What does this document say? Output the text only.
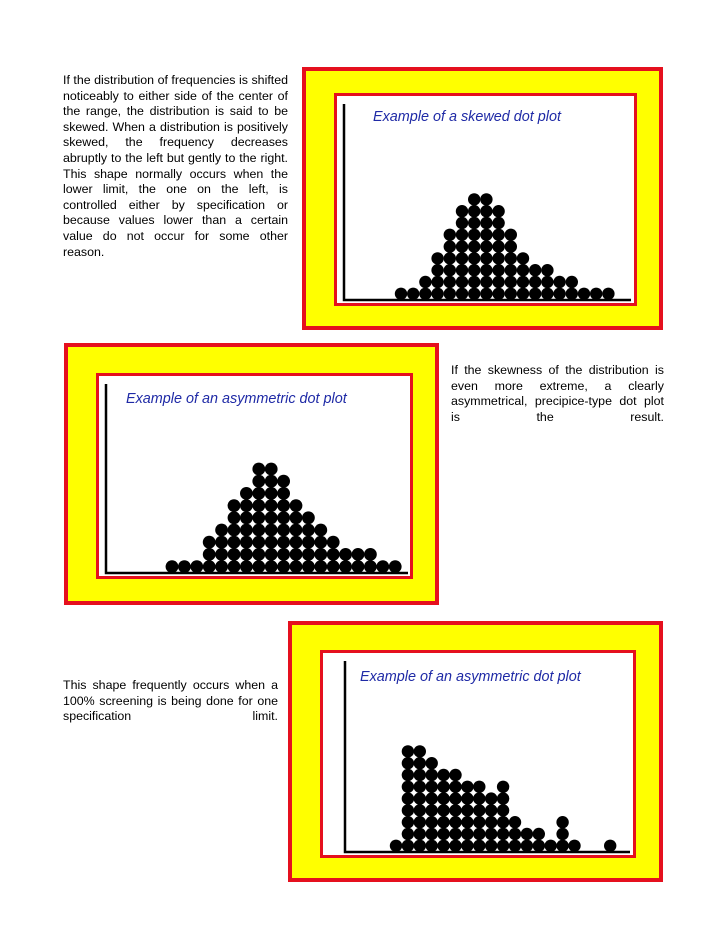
If the distribution of frequencies is shifted noticeably to either side of the center of the range, the distribution is said to be skewed. When a distribution is positively skewed, the frequency decreases abruptly to the left but gently to the right. This shape normally occurs when the lower limit, the one on the left, is controlled either by specification or because values lower than a certain value do not occur for some other reason.

Example of a skewed dot plot
Example of an asymmetric dot plot

If the skewness of the distribution is even more extreme, a clearly asymmetrical, precipice-type dot plot is the result.

Example of an asymmetric dot plot

This shape frequently occurs when a 100% screening is being done for one specification limit.
